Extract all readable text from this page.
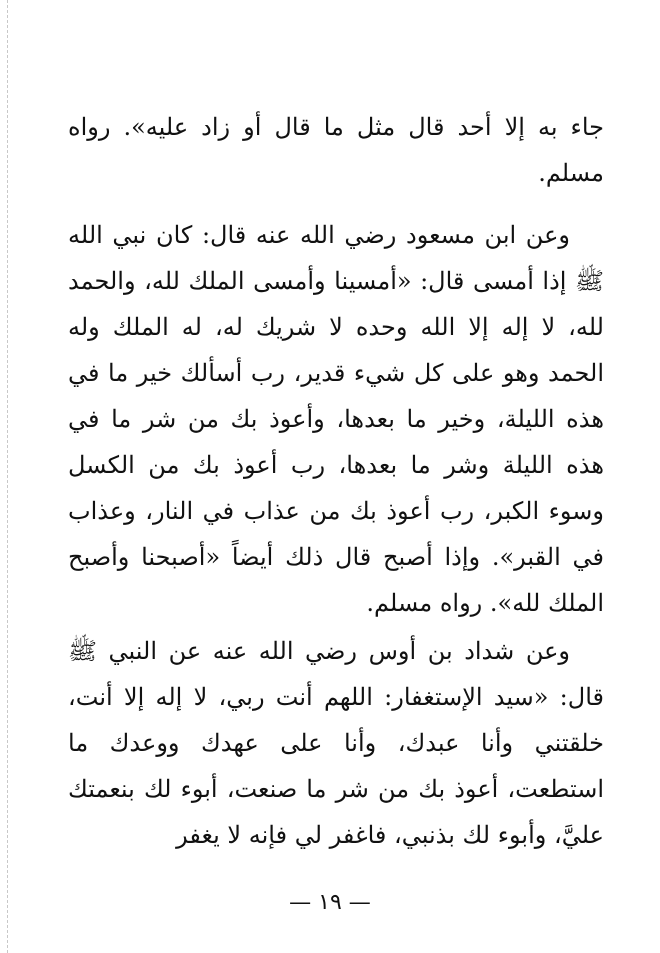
جاء به إلا أحد قال مثل ما قال أو زاد عليه». رواه مسلم.

وعن ابن مسعود رضي الله عنه قال: كان نبي الله ﷺ إذا أمسى قال: «أمسينا وأمسى الملك لله، والحمد لله، لا إله إلا الله وحده لا شريك له، له الملك وله الحمد وهو على كل شيء قدير، رب أسألك خير ما في هذه الليلة، وخير ما بعدها، وأعوذ بك من شر ما في هذه الليلة وشر ما بعدها، رب أعوذ بك من الكسل وسوء الكبر، رب أعوذ بك من عذاب في النار، وعذاب في القبر». وإذا أصبح قال ذلك أيضاً «أصبحنا وأصبح الملك لله». رواه مسلم.

وعن شداد بن أوس رضي الله عنه عن النبي ﷺ قال: «سيد الإستغفار: اللهم أنت ربي، لا إله إلا أنت، خلقتني وأنا عبدك، وأنا على عهدك ووعدك ما استطعت، أعوذ بك من شر ما صنعت، أبوء لك بنعمتك عليَّ، وأبوء لك بذنبي، فاغفر لي فإنه لا يغفر

— ١٩ —
